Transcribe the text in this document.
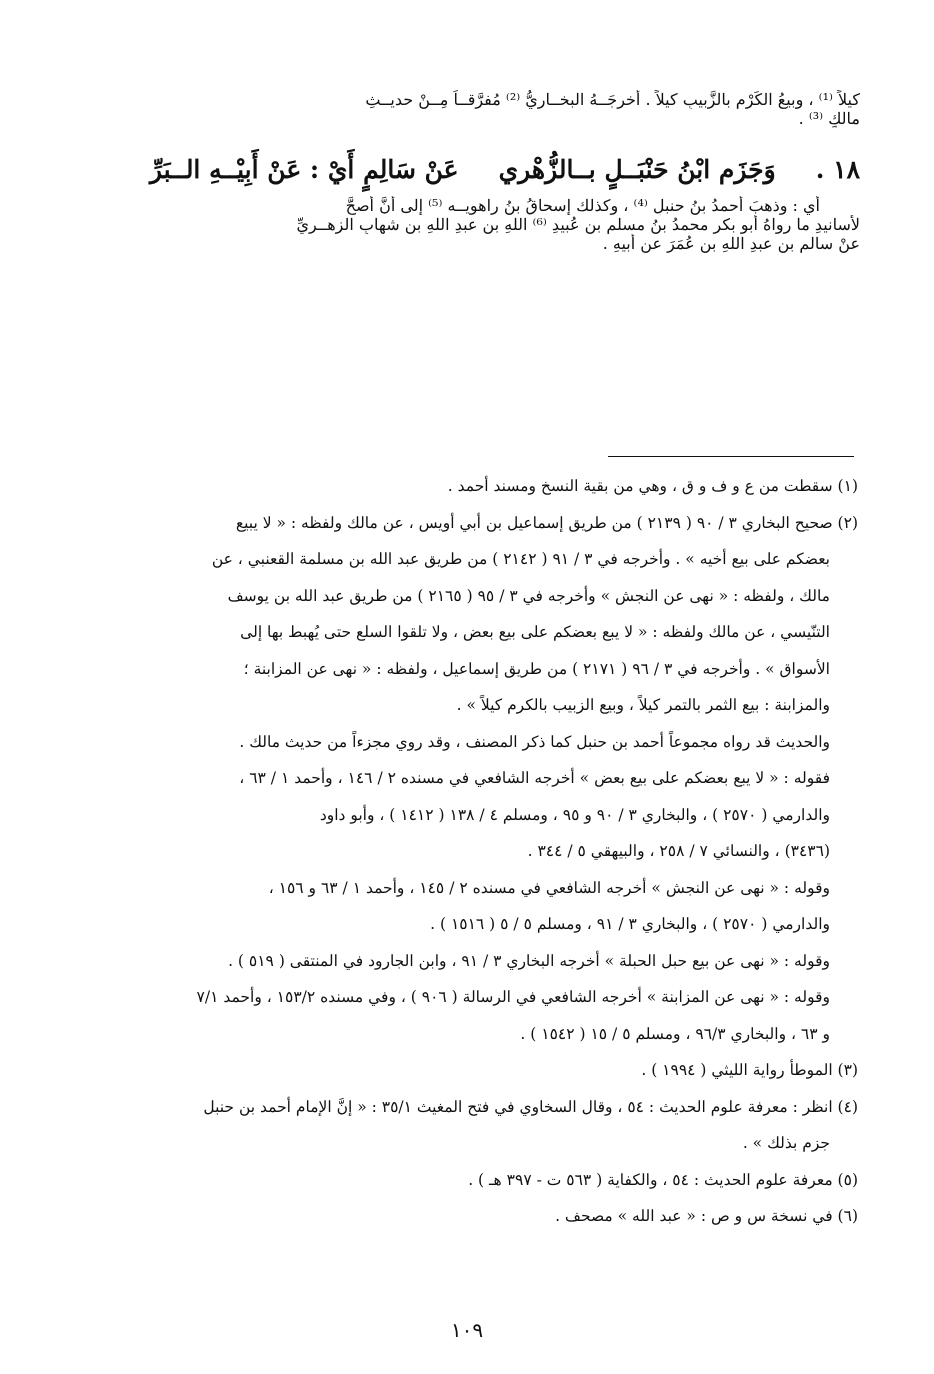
كيلاً ⁽¹⁾ ، وبيعُ الكَرْمِ بالزَّبيبِ كيلاً . أخرجَــهُ البخــاريُّ ⁽²⁾ مُفرَّقــاً مِــنْ حديــثِ
مالكٍ ⁽³⁾ .
١٨ .
وَجَزَم ابْنُ حَنْبَــلٍ بــالزُّهْري
عَنْ سَالِمٍ أَيْ : عَنْ أَبِيْــهِ الــبَرِّ
أي : وذهبَ أحمدُ بنُ حنبلٍ ⁽⁴⁾ ، وكذلك إسحاقُ بنُ راهويــه ⁽⁵⁾ إلى أنَّ أصحَّ
لأسانيدِ ما رواهُ أبو بكرٍ محمدُ بنُ مسلمِ بنِ عُبيدِ ⁽⁶⁾ اللهِ بنِ عبدِ اللهِ بنِ شهابٍ الزهــريِّ
عنْ سالمِ بنِ عبدِ اللهِ بنِ عُمَرَ عن أبيهِ .
(١) سقطت من ع و ف و ق ، وهي من بقية النسخ ومسند أحمد .
(٢) صحيح البخاري ٣ / ٩٠ ( ٢١٣٩ ) من طريق إسماعيل بن أبي أويس ، عن مالك ولفظه : « لا يبيع
بعضكم على بيع أخيه » . وأخرجه في ٣ / ٩١ ( ٢١٤٢ ) من طريق عبد الله بن مسلمة القعنبي ، عن
مالك ، ولفظه : « نهى عن النجش » وأخرجه في ٣ / ٩٥ ( ٢١٦٥ ) من طريق عبد الله بن يوسف
التنّيسي ، عن مالك ولفظه : « لا يبع بعضكم على بيع بعض ، ولا تلقوا السلع حتى يُهبط بها إلى
الأسواق » . وأخرجه في ٣ / ٩٦ ( ٢١٧١ ) من طريق إسماعيل ، ولفظه : « نهى عن المزابنة ؛
والمزابنة : بيع الثمر بالتمر كيلاً ، وبيع الزبيب بالكرم كيلاً » .
والحديث قد رواه مجموعاً أحمد بن حنبل كما ذكر المصنف ، وقد روي مجزءاً من حديث مالك .
فقوله : « لا يبع بعضكم على بيع بعض » أخرجه الشافعي في مسنده ٢ / ١٤٦ ، وأحمد ١ / ٦٣ ،
والدارمي ( ٢٥٧٠ ) ، والبخاري ٣ / ٩٠ و ٩٥ ، ومسلم ٤ / ١٣٨ ( ١٤١٢ ) ، وأبو داود
(٣٤٣٦) ، والنسائي ٧ / ٢٥٨ ، والبيهقي ٥ / ٣٤٤ .
وقوله : « نهى عن النجش » أخرجه الشافعي في مسنده ٢ / ١٤٥ ، وأحمد ١ / ٦٣ و ١٥٦ ،
والدارمي ( ٢٥٧٠ ) ، والبخاري ٣ / ٩١ ، ومسلم ٥ / ٥ ( ١٥١٦ ) .
وقوله : « نهى عن بيع حبل الحبلة » أخرجه البخاري ٣ / ٩١ ، وابن الجارود في المنتقى ( ٥١٩ ) .
وقوله : « نهى عن المزابنة » أخرجه الشافعي في الرسالة ( ٩٠٦ ) ، وفي مسنده ١٥٣/٢ ، وأحمد ٧/١
و ٦٣ ، والبخاري ٩٦/٣ ، ومسلم ٥ / ١٥ ( ١٥٤٢ ) .
(٣) الموطأ رواية الليثي ( ١٩٩٤ ) .
(٤) انظر : معرفة علوم الحديث : ٥٤ ، وقال السخاوي في فتح المغيث ٣٥/١ : « إنَّ الإمام أحمد بن حنبل
جزم بذلك » .
(٥) معرفة علوم الحديث : ٥٤ ، والكفاية ( ٥٦٣ ت - ٣٩٧ هـ ) .
(٦) في نسخة س و ص : « عبد الله » مصحف .
١٠٩
